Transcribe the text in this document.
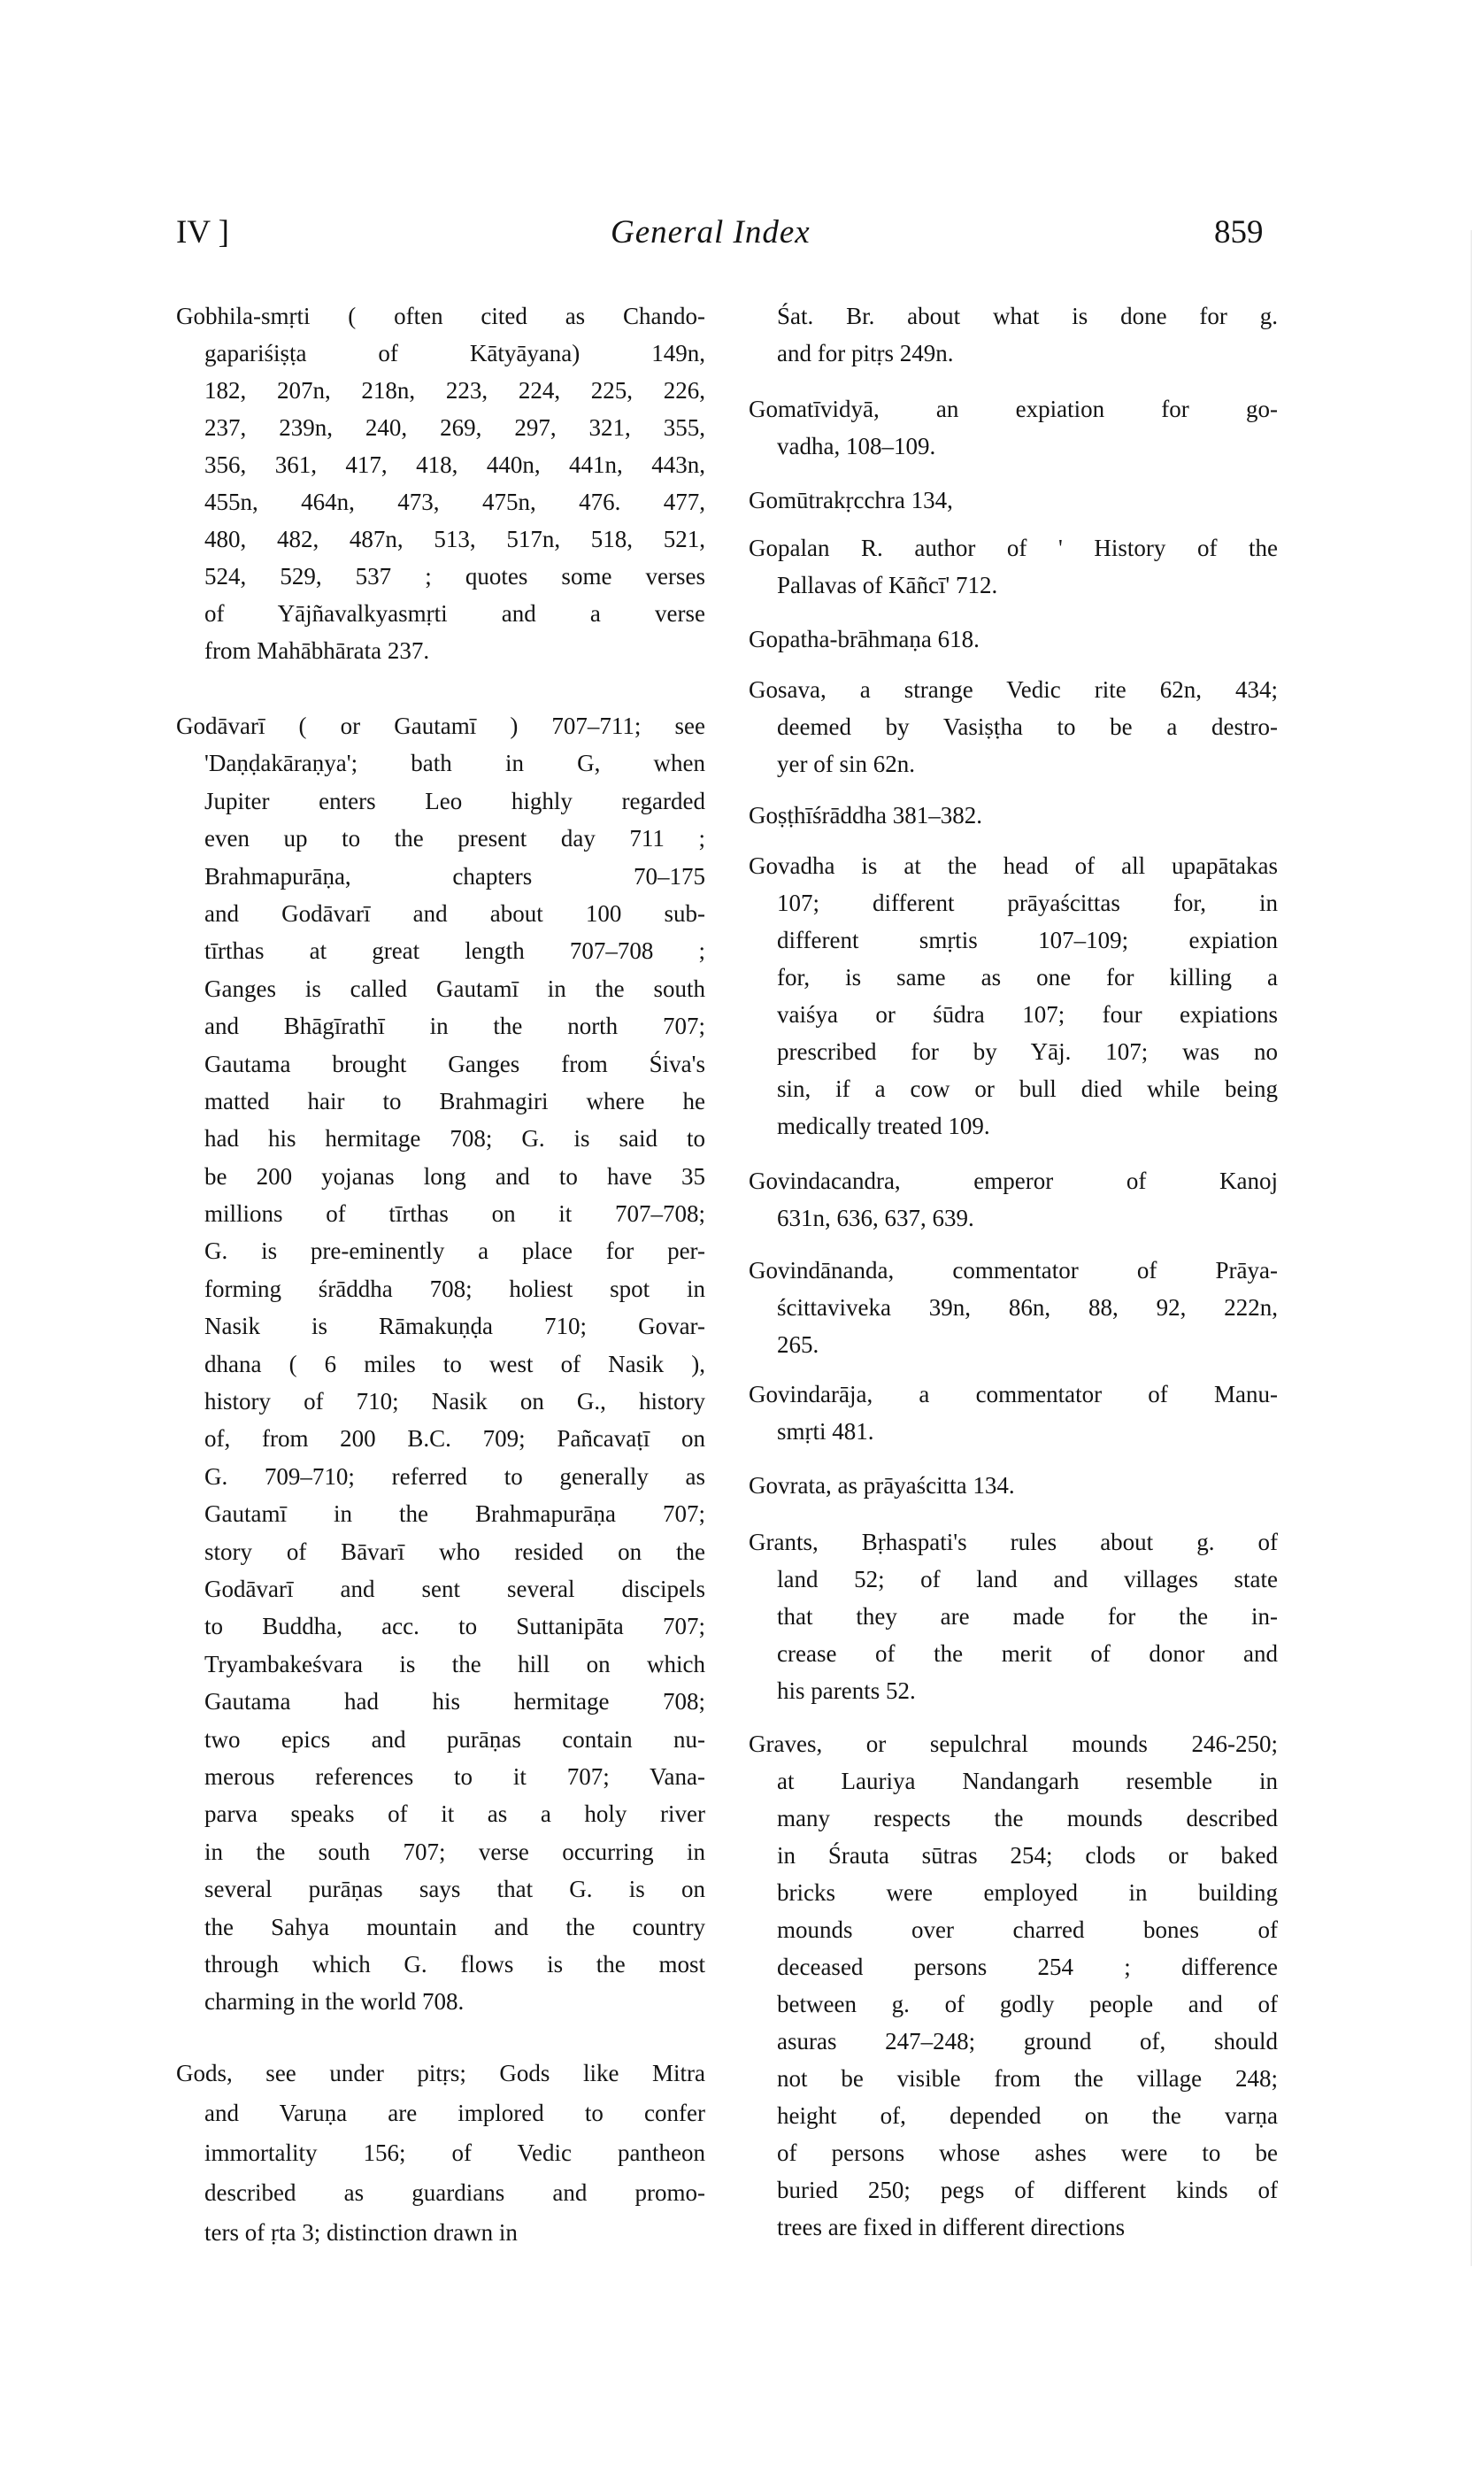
IV ]	General Index	859
Gobhila-smṛti ( often cited as Chando-
gapariśiṣṭa of Kātyāyana) 149n,
182, 207n, 218n, 223, 224, 225, 226,
237, 239n, 240, 269, 297, 321, 355,
356, 361, 417, 418, 440n, 441n, 443n,
455n, 464n, 473, 475n, 476. 477,
480, 482, 487n, 513, 517n, 518, 521,
524, 529, 537 ; quotes some verses
of Yājñavalkyasmṛti and a verse
from Mahābhārata 237.
Godāvarī ( or Gautamī ) 707–711; see
'Daṇḍakāraṇya'; bath in G, when
Jupiter enters Leo highly regarded
even up to the present day 711 ;
Brahmapurāṇa, chapters 70–175
and Godāvarī and about 100 sub-
tīrthas at great length 707–708 ;
Ganges is called Gautamī in the south
and Bhāgīrathī in the north 707;
Gautama brought Ganges from Śiva's
matted hair to Brahmagiri where he
had his hermitage 708; G. is said to
be 200 yojanas long and to have 35
millions of tīrthas on it 707–708;
G. is pre-eminently a place for per-
forming śrāddha 708; holiest spot in
Nasik is Rāmakuṇḍa 710; Govar-
dhana ( 6 miles to west of Nasik ),
history of 710; Nasik on G., history
of, from 200 B.C. 709; Pañcavaṭī on
G. 709–710; referred to generally as
Gautamī in the Brahmapurāṇa 707;
story of Bāvarī who resided on the
Godāvarī and sent several discipels
to Buddha, acc. to Suttanipāta 707;
Tryambakeśvara is the hill on which
Gautama had his hermitage 708;
two epics and purāṇas contain nu-
merous references to it 707; Vana-
parva speaks of it as a holy river
in the south 707; verse occurring in
several purāṇas says that G. is on
the Sahya mountain and the country
through which G. flows is the most
charming in the world 708.
Gods, see under pitṛs; Gods like Mitra
and Varuṇa are implored to confer
immortality 156; of Vedic pantheon
described as guardians and promo-
ters of ṛta 3; distinction drawn in
Śat. Br. about what is done for g.
and for pitṛs 249n.
Gomatīvidyā, an expiation for go-
vadha, 108–109.
Gomūtrakṛcchra 134,
Gopalan R. author of ' History of the
Pallavas of Kāñcī' 712.
Gopatha-brāhmaṇa 618.
Gosava, a strange Vedic rite 62n, 434;
deemed by Vasiṣṭha to be a destro-
yer of sin 62n.
Goṣṭhīśrāddha 381–382.
Govadha is at the head of all upapātakas
107; different prāyaścittas for, in
different smṛtis 107–109; expiation
for, is same as one for killing a
vaiśya or śūdra 107; four expiations
prescribed for by Yāj. 107; was no
sin, if a cow or bull died while being
medically treated 109.
Govindacandra, emperor of Kanoj
631n, 636, 637, 639.
Govindānanda, commentator of Prāya-
ścittaviveka 39n, 86n, 88, 92, 222n,
265.
Govindarāja, a commentator of Manu-
smṛti 481.
Govrata, as prāyaścitta 134.
Grants, Bṛhaspati's rules about g. of
land 52; of land and villages state
that they are made for the in-
crease of the merit of donor and
his parents 52.
Graves, or sepulchral mounds 246-250;
at Lauriya Nandangarh resemble in
many respects the mounds described
in Śrauta sūtras 254; clods or baked
bricks were employed in building
mounds over charred bones of
deceased persons 254 ; difference
between g. of godly people and of
asuras 247–248; ground of, should
not be visible from the village 248;
height of, depended on the varṇa
of persons whose ashes were to be
buried 250; pegs of different kinds of
trees are fixed in different directions
